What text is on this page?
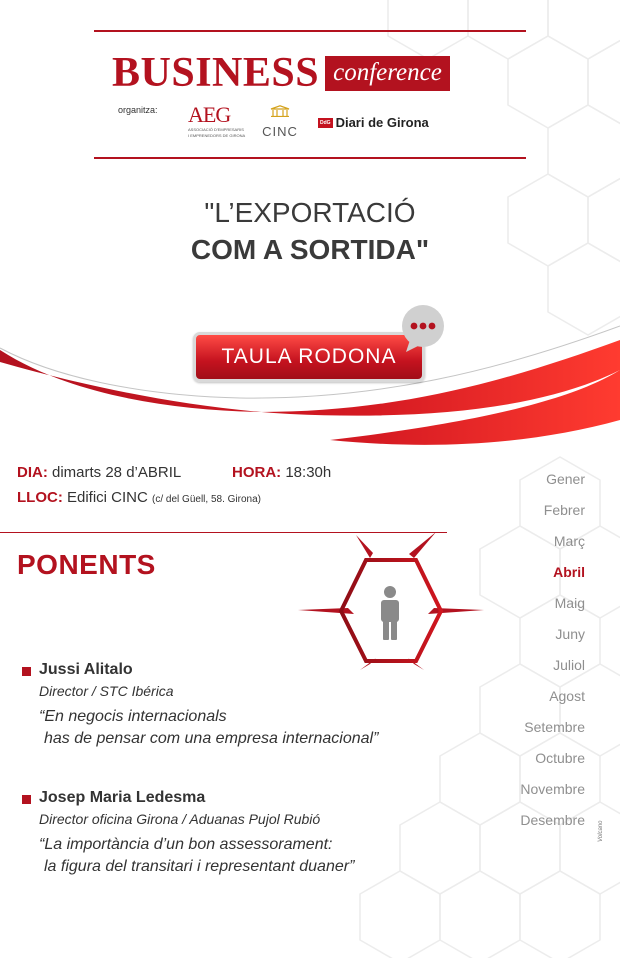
BUSINESS conference
organitza: AEG
ASSOCIACIÓ D'EMPRESARIS
I EMPRENEDORS DE GIRONA	CINC
DdG Diari de Girona
"L’EXPORTACIÓ
COM A SORTIDA"
TAULA RODONA
DIA: dimarts 28 d’ABRIL	HORA: 18:30h
LLOC: Edifici CINC (c/ del Güell, 58. Girona)
Gener
Febrer
Març
Abril
Maig
Juny
Juliol
Agost
Setembre
Octubre
Novembre
Desembre
PONENTS
Jussi Alitalo
Director / STC Ibérica
“En negocis internacionals
has de pensar com una empresa internacional”
Josep Maria Ledesma
Director oficina Girona / Aduanas Pujol Rubió
“La importància d’un bon assessorament:
la figura del transitari i representant duaner”
Volcano
